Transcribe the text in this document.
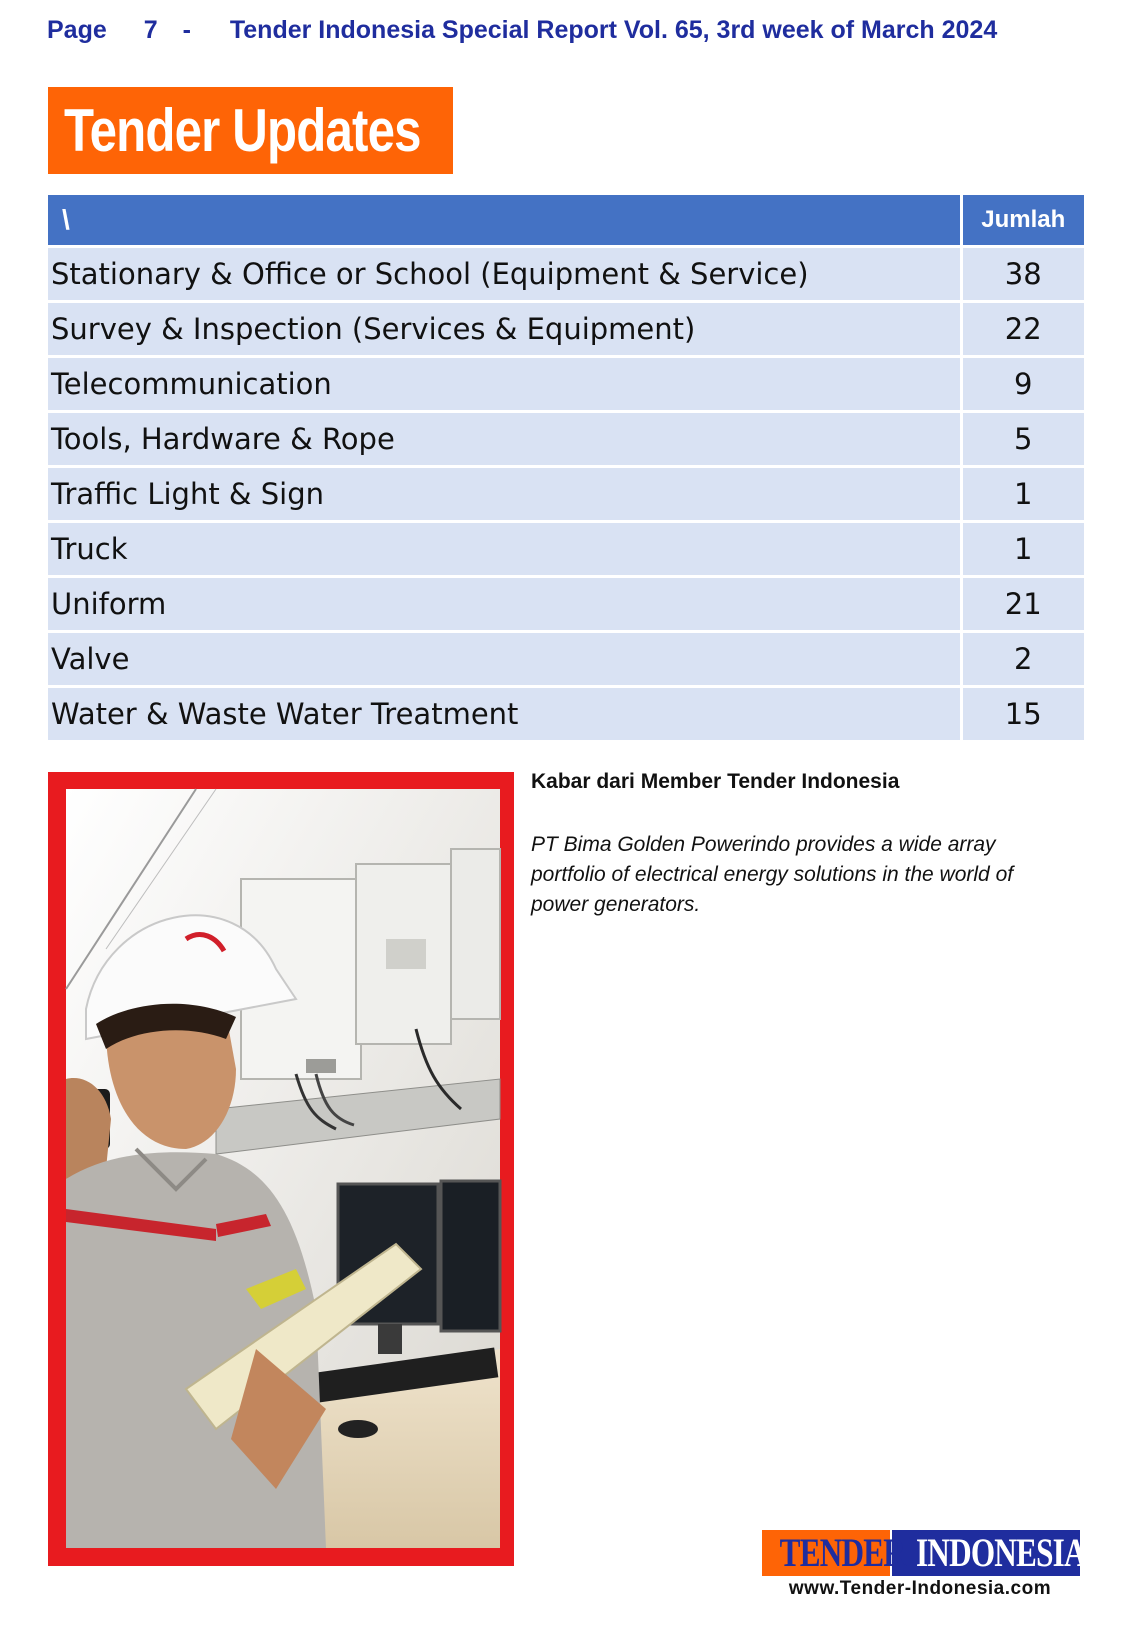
Page 7 - Tender Indonesia Special Report Vol. 65, 3rd week of March 2024
Tender Updates
\	Jumlah
Stationary & Office or School (Equipment & Service)	38
Survey & Inspection (Services & Equipment)	22
Telecommunication	9
Tools, Hardware & Rope	5
Traffic Light & Sign	1
Truck	1
Uniform	21
Valve	2
Water & Waste Water Treatment	15
Kabar dari Member Tender Indonesia
PT Bima Golden Powerindo provides a wide array portfolio of electrical energy solutions in the world of power generators.
TENDER INDONESIA
www.Tender-Indonesia.com
